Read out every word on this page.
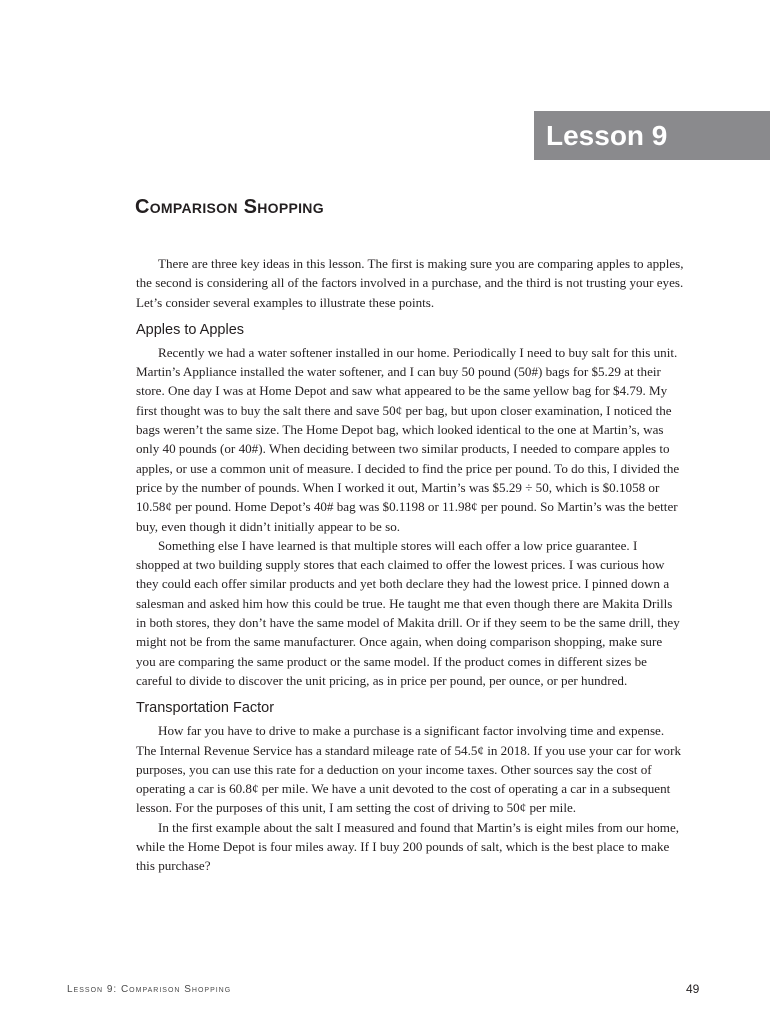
Lesson 9
Comparison Shopping

There are three key ideas in this lesson. The first is making sure you are comparing apples to apples, the second is considering all of the factors involved in a purchase, and the third is not trusting your eyes. Let’s consider several examples to illustrate these points.

Apples to Apples

Recently we had a water softener installed in our home. Periodically I need to buy salt for this unit. Martin’s Appliance installed the water softener, and I can buy 50 pound (50#) bags for $5.29 at their store. One day I was at Home Depot and saw what appeared to be the same yellow bag for $4.79. My first thought was to buy the salt there and save 50¢ per bag, but upon closer examination, I noticed the bags weren’t the same size. The Home Depot bag, which looked identical to the one at Martin’s, was only 40 pounds (or 40#). When deciding between two similar products, I needed to compare apples to apples, or use a common unit of measure. I decided to find the price per pound. To do this, I divided the price by the number of pounds. When I worked it out, Martin’s was $5.29 ÷ 50, which is $0.1058 or 10.58¢ per pound. Home Depot’s 40# bag was $0.1198 or 11.98¢ per pound. So Martin’s was the better buy, even though it didn’t initially appear to be so.

Something else I have learned is that multiple stores will each offer a low price guarantee. I shopped at two building supply stores that each claimed to offer the lowest prices. I was curious how they could each offer similar products and yet both declare they had the lowest price. I pinned down a salesman and asked him how this could be true. He taught me that even though there are Makita Drills in both stores, they don’t have the same model of Makita drill. Or if they seem to be the same drill, they might not be from the same manufacturer. Once again, when doing comparison shopping, make sure you are comparing the same product or the same model. If the product comes in different sizes be careful to divide to discover the unit pricing, as in price per pound, per ounce, or per hundred.

Transportation Factor

How far you have to drive to make a purchase is a significant factor involving time and expense. The Internal Revenue Service has a standard mileage rate of 54.5¢ in 2018. If you use your car for work purposes, you can use this rate for a deduction on your income taxes. Other sources say the cost of operating a car is 60.8¢ per mile. We have a unit devoted to the cost of operating a car in a subsequent lesson. For the purposes of this unit, I am setting the cost of driving to 50¢ per mile.

In the first example about the salt I measured and found that Martin’s is eight miles from our home, while the Home Depot is four miles away. If I buy 200 pounds of salt, which is the best place to make this purchase?

Lesson 9: Comparison Shopping	49
